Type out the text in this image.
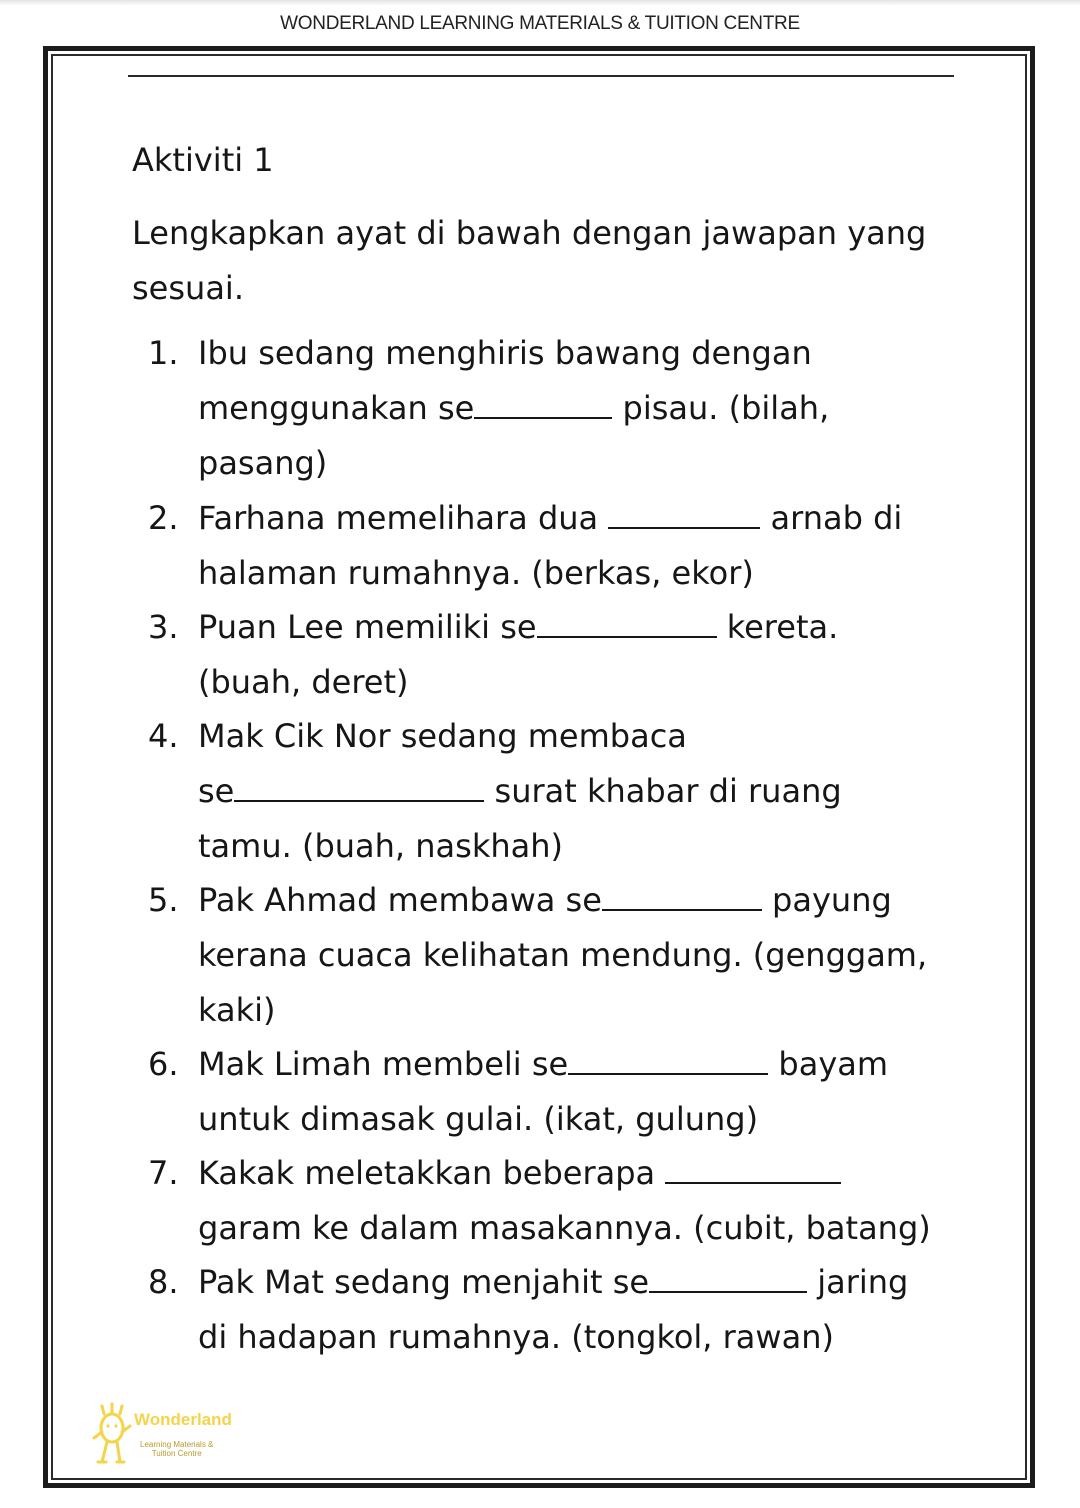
WONDERLAND LEARNING MATERIALS & TUITION CENTRE
Aktiviti 1
Lengkapkan ayat di bawah dengan jawapan yang
sesuai.
1. Ibu sedang menghiris bawang dengan
menggunakan se	pisau. (bilah,
pasang)
2. Farhana memelihara dua	arnab di
halaman rumahnya. (berkas, ekor)
3. Puan Lee memiliki se	kereta.
(buah, deret)
4. Mak Cik Nor sedang membaca
se	surat khabar di ruang
tamu. (buah, naskhah)
5. Pak Ahmad membawa se	payung
kerana cuaca kelihatan mendung. (genggam,
kaki)
6. Mak Limah membeli se	bayam
untuk dimasak gulai. (ikat, gulung)
7. Kakak meletakkan beberapa
garam ke dalam masakannya. (cubit, batang)
8. Pak Mat sedang menjahit se	jaring
di hadapan rumahnya. (tongkol, rawan)
Wonderland
Learning Materials &
Tuition Centre
